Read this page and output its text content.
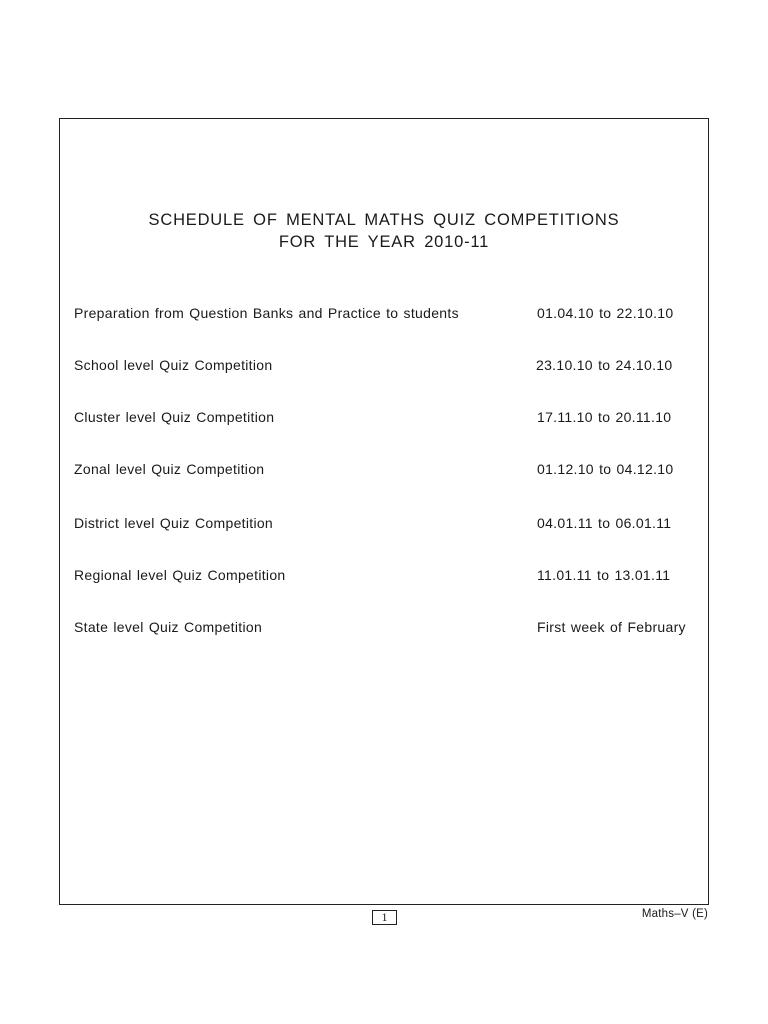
SCHEDULE OF MENTAL MATHS QUIZ COMPETITIONS
FOR THE YEAR 2010-11
Preparation from Question Banks and Practice to students	01.04.10 to 22.10.10
School level Quiz Competition	23.10.10 to 24.10.10
Cluster level Quiz Competition	17.11.10 to 20.11.10
Zonal level Quiz Competition	01.12.10 to 04.12.10
District level Quiz Competition	04.01.11 to 06.01.11
Regional level Quiz Competition	11.01.11 to 13.01.11
State level Quiz Competition	First week of February
1	Maths–V (E)
